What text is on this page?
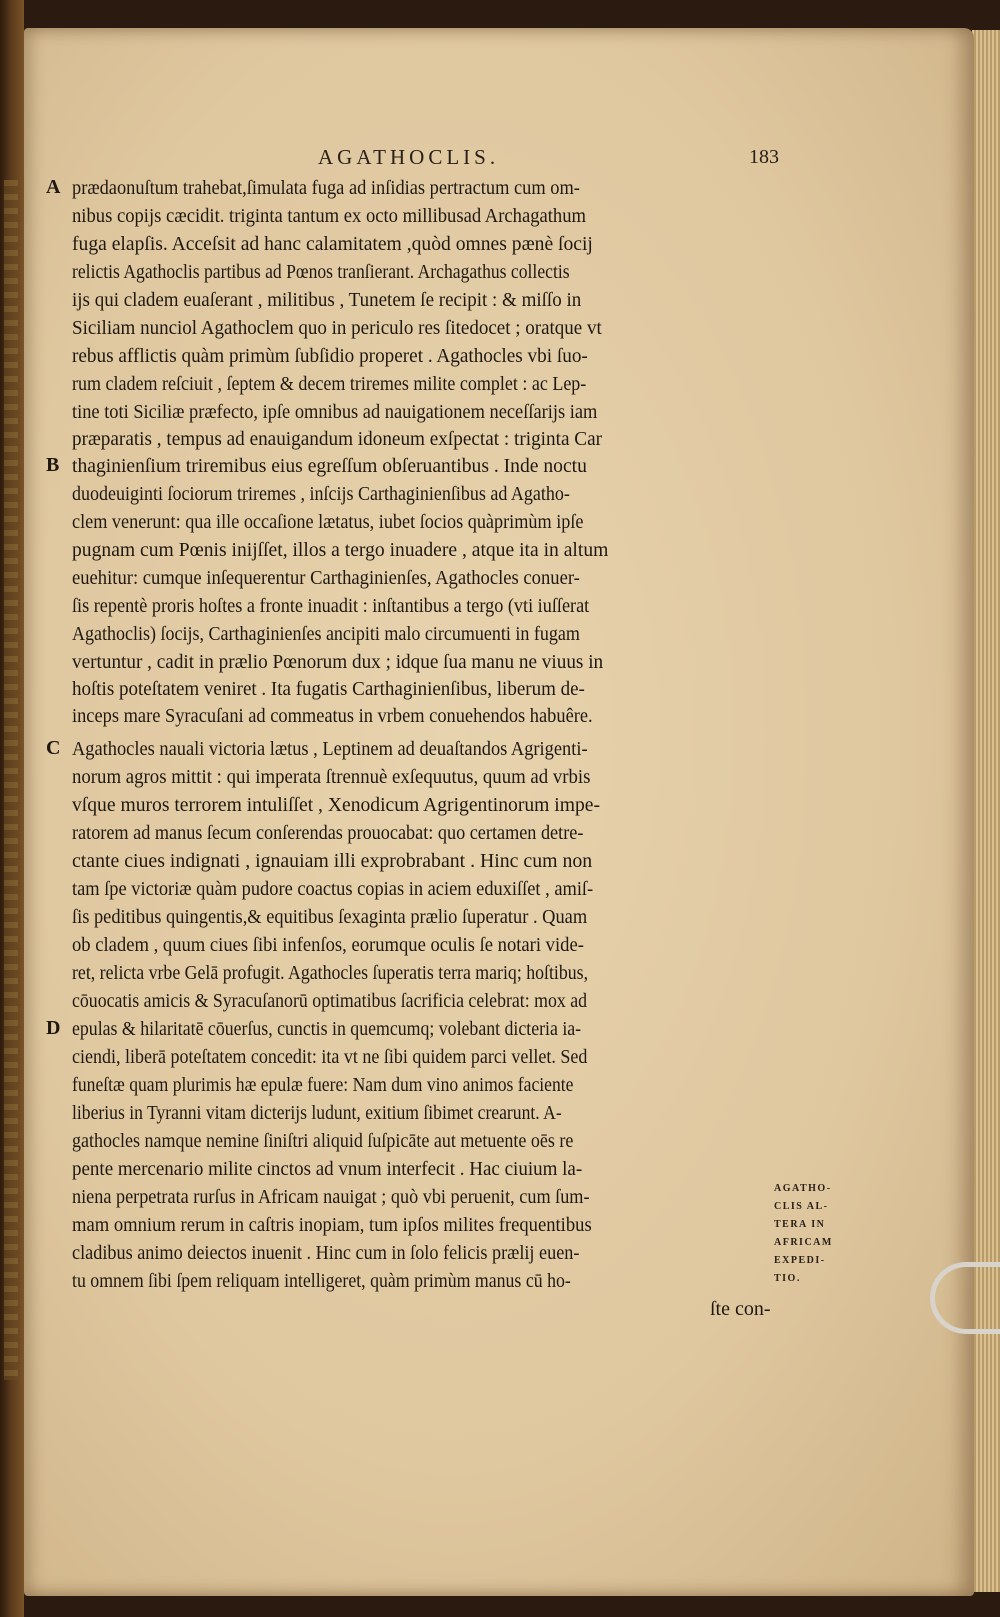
AGATHOCLIS.	183
A
B
C
D
prædaonuſtum trahebat,ſimulata fuga ad inſidias pertractum cum om-
nibus copijs cæcidit. triginta tantum ex octo millibusad Archagathum
fuga elapſis. Acceſsit ad hanc calamitatem ,quòd omnes pænè ſocij
relictis Agathoclis partibus ad Pœnos tranſierant. Archagathus collectis
ijs qui cladem euaſerant , militibus , Tunetem ſe recipit : & miſſo in
Siciliam nunciol Agathoclem quo in periculo res ſitedocet ; oratque vt
rebus afflictis quàm primùm ſubſidio properet . Agathocles vbi ſuo-
rum cladem reſciuit , ſeptem & decem triremes milite complet : ac Lep-
tine toti Siciliæ præfecto, ipſe omnibus ad nauigationem neceſſarijs iam
præparatis , tempus ad enauigandum idoneum exſpectat : triginta Car
thaginienſium triremibus eius egreſſum obſeruantibus . Inde noctu
duodeuiginti ſociorum triremes , inſcijs Carthaginienſibus ad Agatho-
clem venerunt: qua ille occaſione lætatus, iubet ſocios quàprimùm ipſe
pugnam cum Pœnis inijſſet, illos a tergo inuadere , atque ita in altum
euehitur: cumque inſequerentur Carthaginienſes, Agathocles conuer-
ſis repentè proris hoſtes a fronte inuadit : inſtantibus a tergo (vti iuſſerat
Agathoclis) ſocijs, Carthaginienſes ancipiti malo circumuenti in fugam
vertuntur , cadit in prælio Pœnorum dux ; idque ſua manu ne viuus in
hoſtis poteſtatem veniret . Ita fugatis Carthaginienſibus, liberum de-
inceps mare Syracuſani ad commeatus in vrbem conuehendos habuêre.
Agathocles nauali victoria lætus , Leptinem ad deuaſtandos Agrigenti-
norum agros mittit : qui imperata ſtrennuè exſequutus, quum ad vrbis
vſque muros terrorem intuliſſet , Xenodicum Agrigentinorum impe-
ratorem ad manus ſecum conſerendas prouocabat: quo certamen detre-
ctante ciues indignati , ignauiam illi exprobrabant . Hinc cum non
tam ſpe victoriæ quàm pudore coactus copias in aciem eduxiſſet , amiſ-
ſis peditibus quingentis,& equitibus ſexaginta prælio ſuperatur . Quam
ob cladem , quum ciues ſibi infenſos, eorumque oculis ſe notari vide-
ret, relicta vrbe Gelā profugit. Agathocles ſuperatis terra mariq; hoſtibus,
cōuocatis amicis & Syracuſanorū optimatibus ſacrificia celebrat: mox ad
epulas & hilaritatē cōuerſus, cunctis in quemcumq; volebant dicteria ia-
ciendi, liberā poteſtatem concedit: ita vt ne ſibi quidem parci vellet. Sed
funeſtæ quam plurimis hæ epulæ fuere: Nam dum vino animos faciente
liberius in Tyranni vitam dicterijs ludunt, exitium ſibimet crearunt. A-
gathocles namque nemine ſiniſtri aliquid ſuſpicāte aut metuente oēs re
pente mercenario milite cinctos ad vnum interfecit . Hac ciuium la-
niena perpetrata rurſus in Africam nauigat ; quò vbi peruenit, cum ſum-
mam omnium rerum in caſtris inopiam, tum ipſos milites frequentibus
cladibus animo deiectos inuenit . Hinc cum in ſolo felicis prælij euen-
tu omnem ſibi ſpem reliquam intelligeret, quàm primùm manus cū ho-
ſte con-
AGATHO-
CLIS AL-
TERA IN
AFRICAM
EXPEDI-
TIO.
